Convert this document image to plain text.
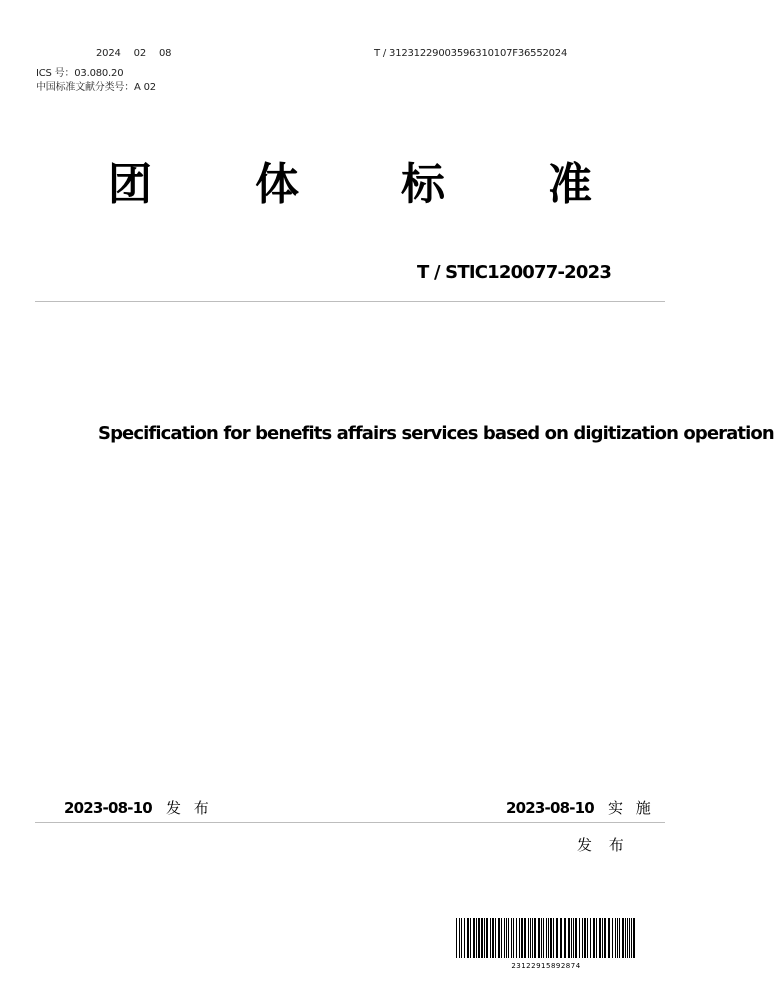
2024 02 08	T / 31231229003596310107F36552024
ICS 号：03.080.20
中国标准文献分类号：A 02
团 体 标 准
T / STIC120077-2023
Specification for benefits affairs services based on digitization operation
2023-08-10 发 布	2023-08-10 实 施
发 布
23122915892874
